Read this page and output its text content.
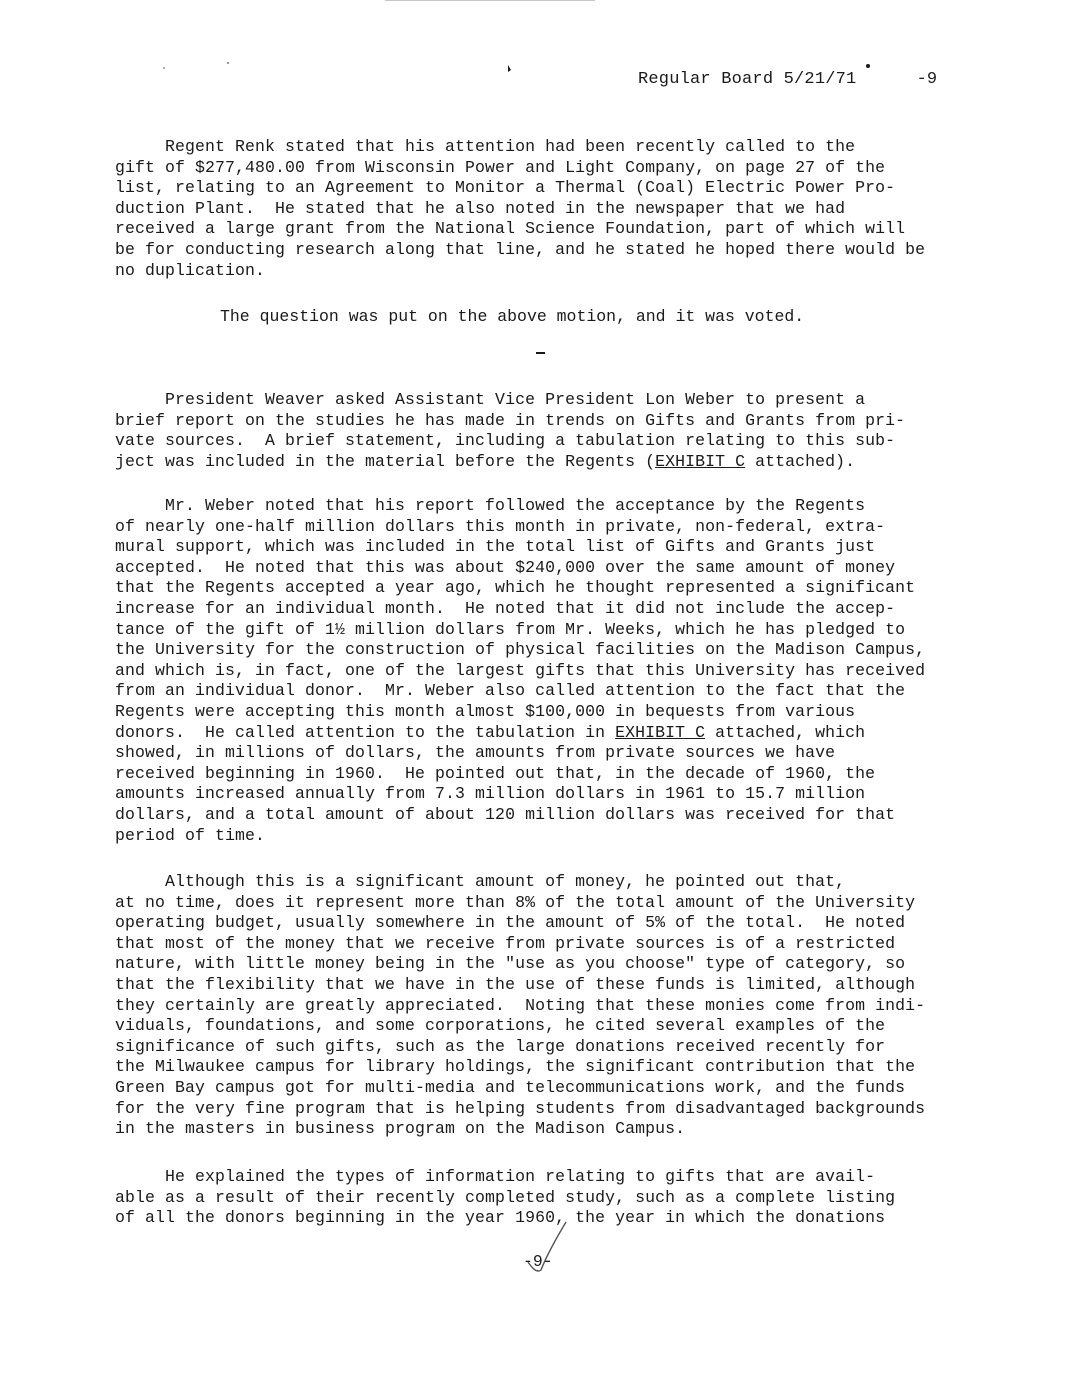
Regular Board 5/21/71	-9
Regent Renk stated that his attention had been recently called to the
gift of $277,480.00 from Wisconsin Power and Light Company, on page 27 of the
list, relating to an Agreement to Monitor a Thermal (Coal) Electric Power Pro-
duction Plant.  He stated that he also noted in the newspaper that we had
received a large grant from the National Science Foundation, part of which will
be for conducting research along that line, and he stated he hoped there would be
no duplication.
The question was put on the above motion, and it was voted.
President Weaver asked Assistant Vice President Lon Weber to present a
brief report on the studies he has made in trends on Gifts and Grants from pri-
vate sources.  A brief statement, including a tabulation relating to this sub-
ject was included in the material before the Regents (EXHIBIT C attached).
Mr. Weber noted that his report followed the acceptance by the Regents
of nearly one-half million dollars this month in private, non-federal, extra-
mural support, which was included in the total list of Gifts and Grants just
accepted.  He noted that this was about $240,000 over the same amount of money
that the Regents accepted a year ago, which he thought represented a significant
increase for an individual month.  He noted that it did not include the accep-
tance of the gift of 1½ million dollars from Mr. Weeks, which he has pledged to
the University for the construction of physical facilities on the Madison Campus,
and which is, in fact, one of the largest gifts that this University has received
from an individual donor.  Mr. Weber also called attention to the fact that the
Regents were accepting this month almost $100,000 in bequests from various
donors.  He called attention to the tabulation in EXHIBIT C attached, which
showed, in millions of dollars, the amounts from private sources we have
received beginning in 1960.  He pointed out that, in the decade of 1960, the
amounts increased annually from 7.3 million dollars in 1961 to 15.7 million
dollars, and a total amount of about 120 million dollars was received for that
period of time.
Although this is a significant amount of money, he pointed out that,
at no time, does it represent more than 8% of the total amount of the University
operating budget, usually somewhere in the amount of 5% of the total.  He noted
that most of the money that we receive from private sources is of a restricted
nature, with little money being in the "use as you choose" type of category, so
that the flexibility that we have in the use of these funds is limited, although
they certainly are greatly appreciated.  Noting that these monies come from indi-
viduals, foundations, and some corporations, he cited several examples of the
significance of such gifts, such as the large donations received recently for
the Milwaukee campus for library holdings, the significant contribution that the
Green Bay campus got for multi-media and telecommunications work, and the funds
for the very fine program that is helping students from disadvantaged backgrounds
in the masters in business program on the Madison Campus.
He explained the types of information relating to gifts that are avail-
able as a result of their recently completed study, such as a complete listing
of all the donors beginning in the year 1960, the year in which the donations
-9-
